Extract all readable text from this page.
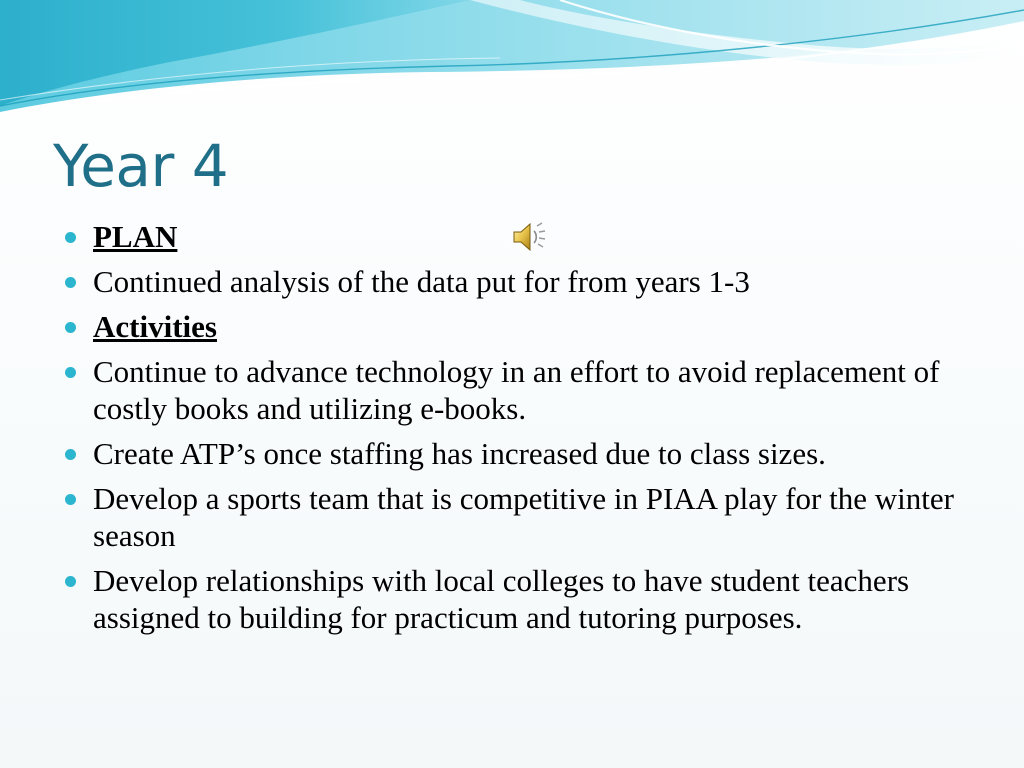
Year 4
PLAN
Continued analysis of the data put for from years 1-3
Activities
Continue to advance technology in an effort to avoid replacement of costly books and utilizing e-books.
Create ATP’s once staffing has increased due to class sizes.
Develop a sports team that is competitive in PIAA play for the winter season
Develop relationships with local colleges to have student teachers assigned to building for practicum and tutoring purposes.
